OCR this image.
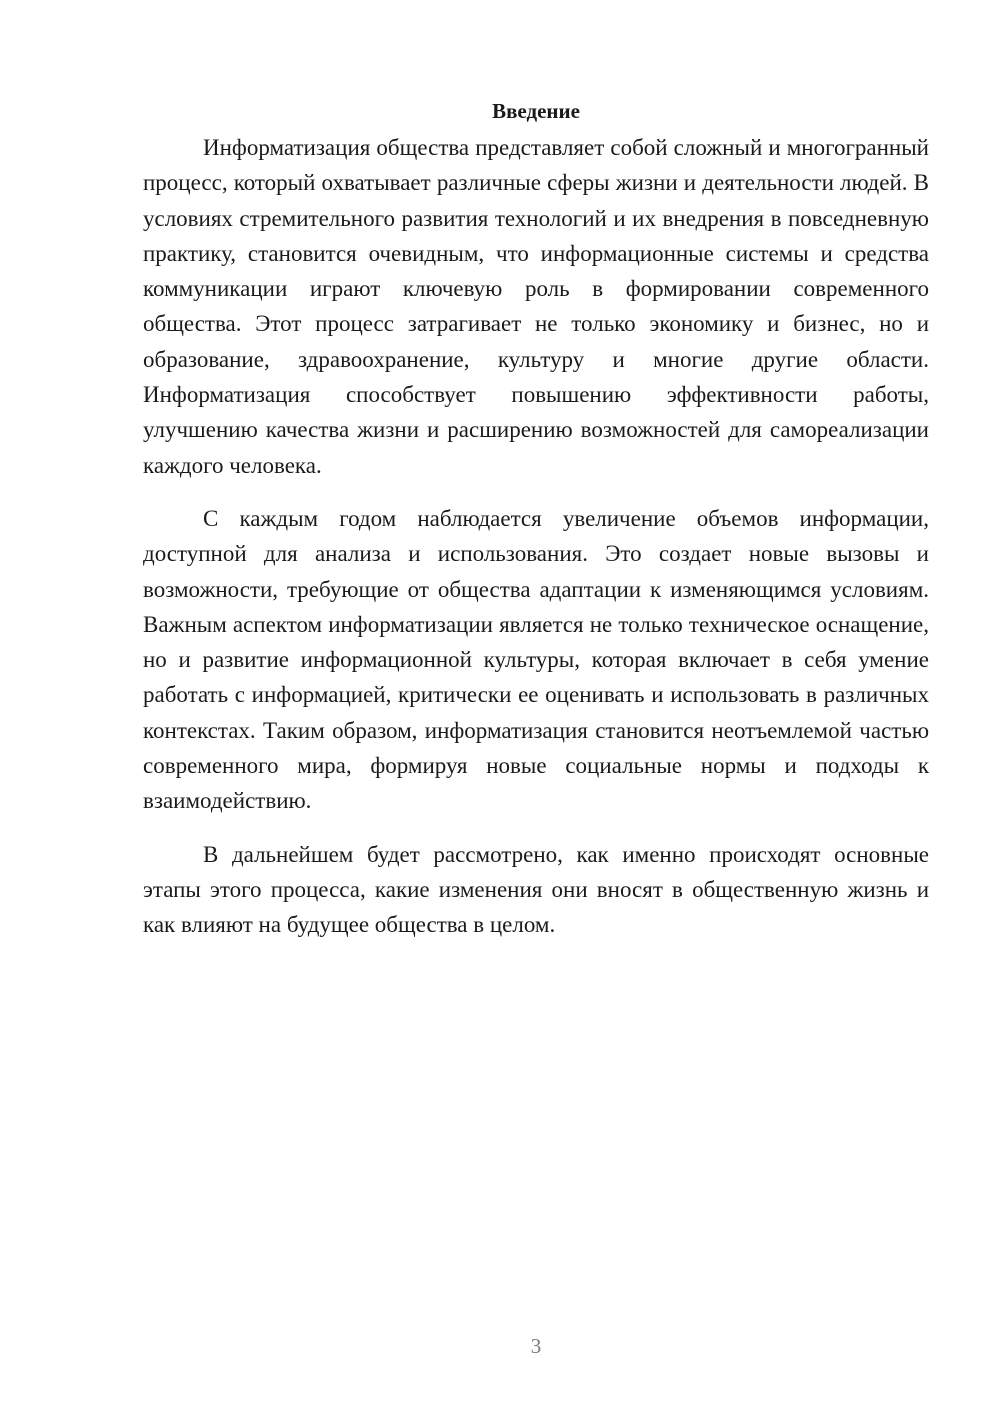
Введение

Информатизация общества представляет собой сложный и многогранный процесс, который охватывает различные сферы жизни и деятельности людей. В условиях стремительного развития технологий и их внедрения в повседневную практику, становится очевидным, что информационные системы и средства коммуникации играют ключевую роль в формировании современного общества. Этот процесс затрагивает не только экономику и бизнес, но и образование, здравоохранение, культуру и многие другие области. Информатизация способствует повышению эффективности работы, улучшению качества жизни и расширению возможностей для самореализации каждого человека.

С каждым годом наблюдается увеличение объемов информации, доступной для анализа и использования. Это создает новые вызовы и возможности, требующие от общества адаптации к изменяющимся условиям. Важным аспектом информатизации является не только техническое оснащение, но и развитие информационной культуры, которая включает в себя умение работать с информацией, критически ее оценивать и использовать в различных контекстах. Таким образом, информатизация становится неотъемлемой частью современного мира, формируя новые социальные нормы и подходы к взаимодействию.

В дальнейшем будет рассмотрено, как именно происходят основные этапы этого процесса, какие изменения они вносят в общественную жизнь и как влияют на будущее общества в целом.

3
